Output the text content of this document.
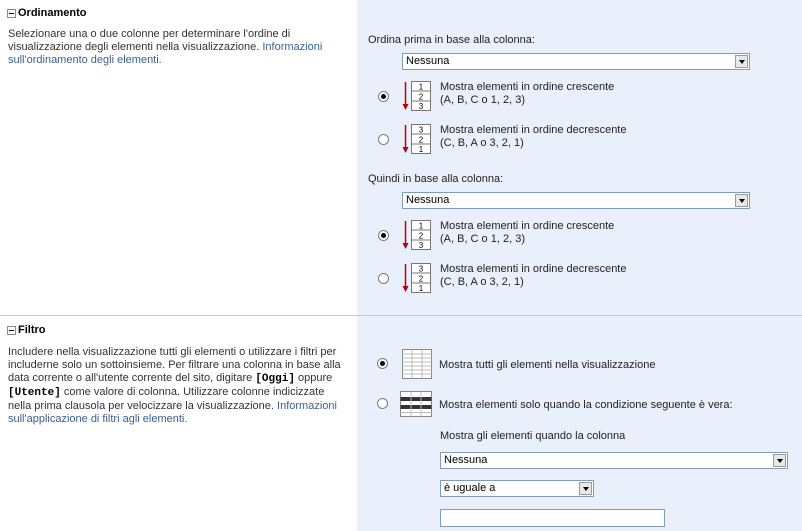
Ordinamento
Selezionare una o due colonne per determinare l'ordine di visualizzazione degli elementi nella visualizzazione. Informazioni sull'ordinamento degli elementi.
Ordina prima in base alla colonna:
Nessuna
1
2
3
Mostra elementi in ordine crescente
(A, B, C o 1, 2, 3)
3
2
1
Mostra elementi in ordine decrescente
(C, B, A o 3, 2, 1)
Quindi in base alla colonna:
Nessuna
1
2
3
Mostra elementi in ordine crescente
(A, B, C o 1, 2, 3)
3
2
1
Mostra elementi in ordine decrescente
(C, B, A o 3, 2, 1)
Filtro
Includere nella visualizzazione tutti gli elementi o utilizzare i filtri per includerne solo un sottoinsieme. Per filtrare una colonna in base alla data corrente o all'utente corrente del sito, digitare [Oggi] oppure [Utente] come valore di colonna. Utilizzare colonne indicizzate nella prima clausola per velocizzare la visualizzazione. Informazioni sull'applicazione di filtri agli elementi.
Mostra tutti gli elementi nella visualizzazione
Mostra elementi solo quando la condizione seguente è vera:
Mostra gli elementi quando la colonna
Nessuna
è uguale a
